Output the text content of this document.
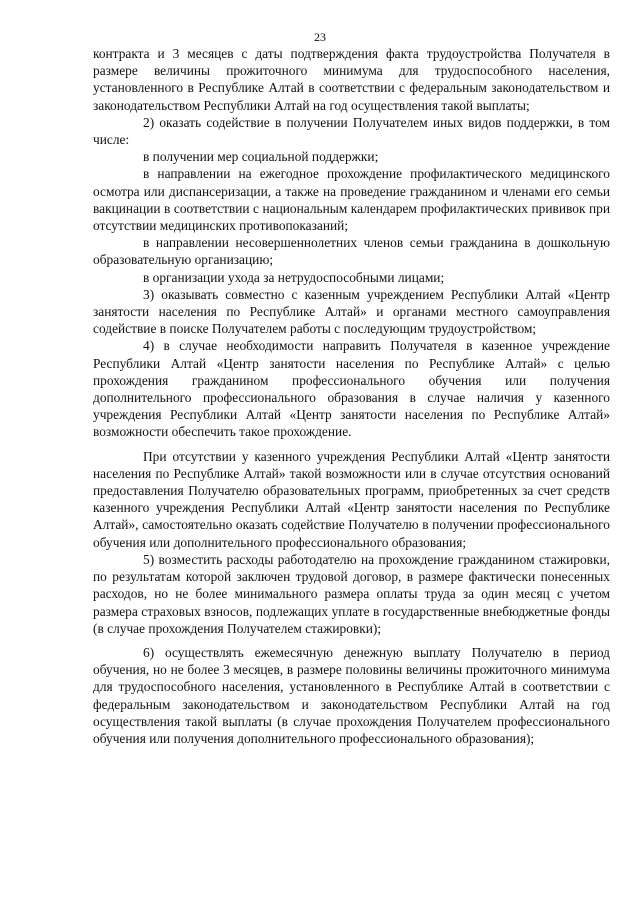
23

контракта и 3 месяцев с даты подтверждения факта трудоустройства Получателя в размере величины прожиточного минимума для трудоспособного населения, установленного в Республике Алтай в соответствии с федеральным законодательством и законодательством Республики Алтай на год осуществления такой выплаты;

2) оказать содействие в получении Получателем иных видов поддержки, в том числе:

в получении мер социальной поддержки;

в направлении на ежегодное прохождение профилактического медицинского осмотра или диспансеризации, а также на проведение гражданином и членами его семьи вакцинации в соответствии с национальным календарем профилактических прививок при отсутствии медицинских противопоказаний;

в направлении несовершеннолетних членов семьи гражданина в дошкольную образовательную организацию;

в организации ухода за нетрудоспособными лицами;

3) оказывать совместно с казенным учреждением Республики Алтай «Центр занятости населения по Республике Алтай» и органами местного самоуправления содействие в поиске Получателем работы с последующим трудоустройством;

4) в случае необходимости направить Получателя в казенное учреждение Республики Алтай «Центр занятости населения по Республике Алтай» с целью прохождения гражданином профессионального обучения или получения дополнительного профессионального образования в случае наличия у казенного учреждения Республики Алтай «Центр занятости населения по Республике Алтай» возможности обеспечить такое прохождение.

При отсутствии у казенного учреждения Республики Алтай «Центр занятости населения по Республике Алтай» такой возможности или в случае отсутствия оснований предоставления Получателю образовательных программ, приобретенных за счет средств казенного учреждения Республики Алтай «Центр занятости населения по Республике Алтай», самостоятельно оказать содействие Получателю в получении профессионального обучения или дополнительного профессионального образования;

5) возместить расходы работодателю на прохождение гражданином стажировки, по результатам которой заключен трудовой договор, в размере фактически понесенных расходов, но не более минимального размера оплаты труда за один месяц с учетом размера страховых взносов, подлежащих уплате в государственные внебюджетные фонды (в случае прохождения Получателем стажировки);

6) осуществлять ежемесячную денежную выплату Получателю в период обучения, но не более 3 месяцев, в размере половины величины прожиточного минимума для трудоспособного населения, установленного в Республике Алтай в соответствии с федеральным законодательством и законодательством Республики Алтай на год осуществления такой выплаты (в случае прохождения Получателем профессионального обучения или получения дополнительного профессионального образования);
